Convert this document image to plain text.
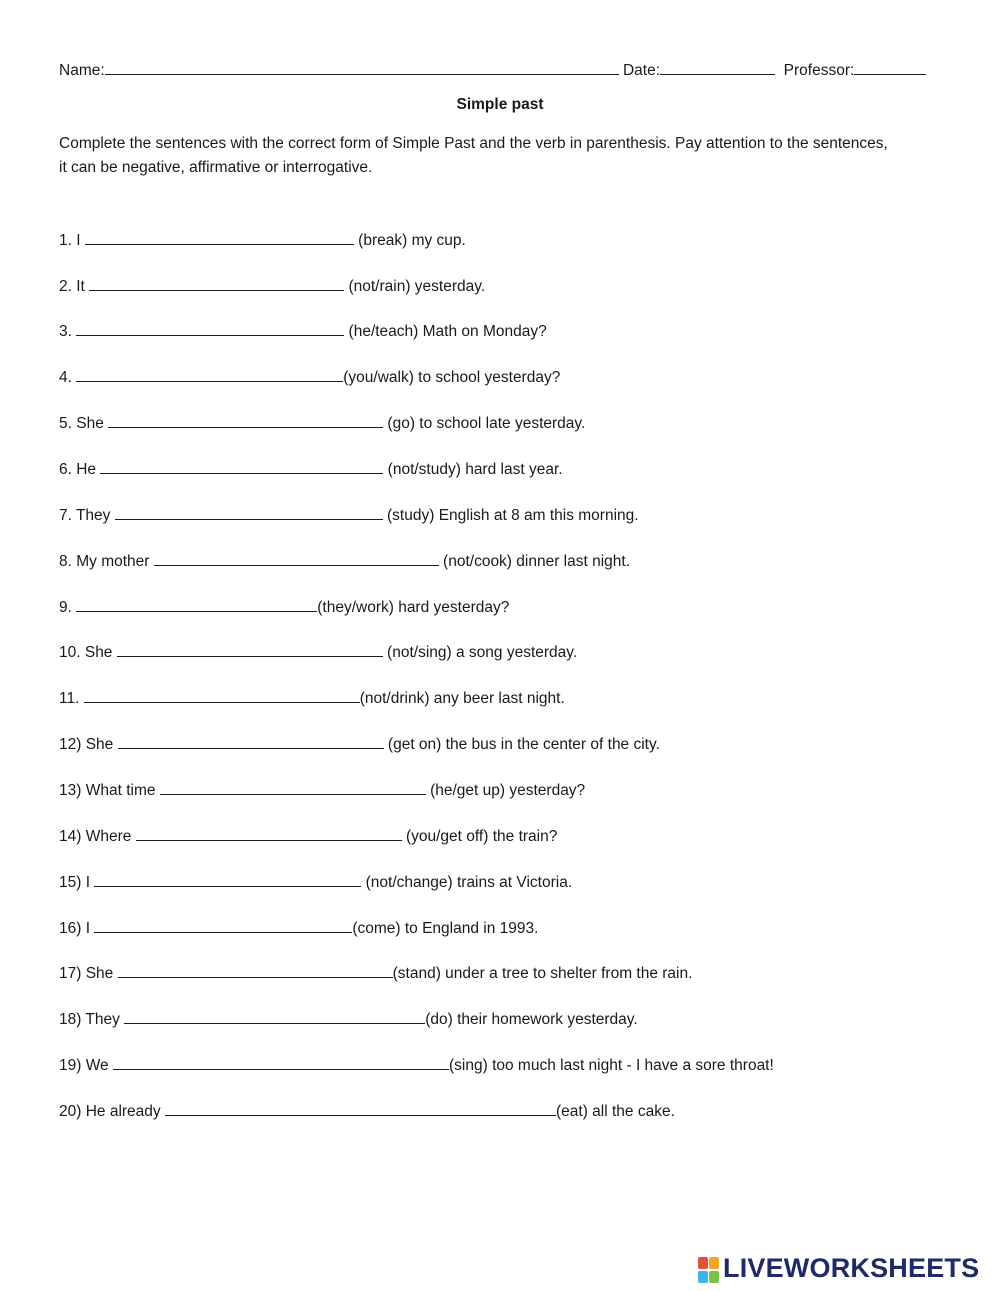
Name:	Date:	Professor:
Simple past
Complete the sentences with the correct form of Simple Past and the verb in parenthesis. Pay attention to the sentences, it can be negative, affirmative or interrogative.
1. I	(break) my cup.
2. It	(not/rain) yesterday.
3.	(he/teach) Math on Monday?
4.	(you/walk) to school yesterday?
5. She	(go) to school late yesterday.
6. He	(not/study) hard last year.
7. They	(study) English at 8 am this morning.
8. My mother	(not/cook) dinner last night.
9.	(they/work) hard yesterday?
10. She	(not/sing) a song yesterday.
11.	(not/drink) any beer last night.
12) She	(get on) the bus in the center of the city.
13) What time	(he/get up) yesterday?
14) Where	(you/get off) the train?
15) I	(not/change) trains at Victoria.
16) I	(come) to England in 1993.
17) She	(stand) under a tree to shelter from the rain.
18) They	(do) their homework yesterday.
19) We	(sing) too much last night - I have a sore throat!
20) He already	(eat) all the cake.
LIVEWORKSHEETS
